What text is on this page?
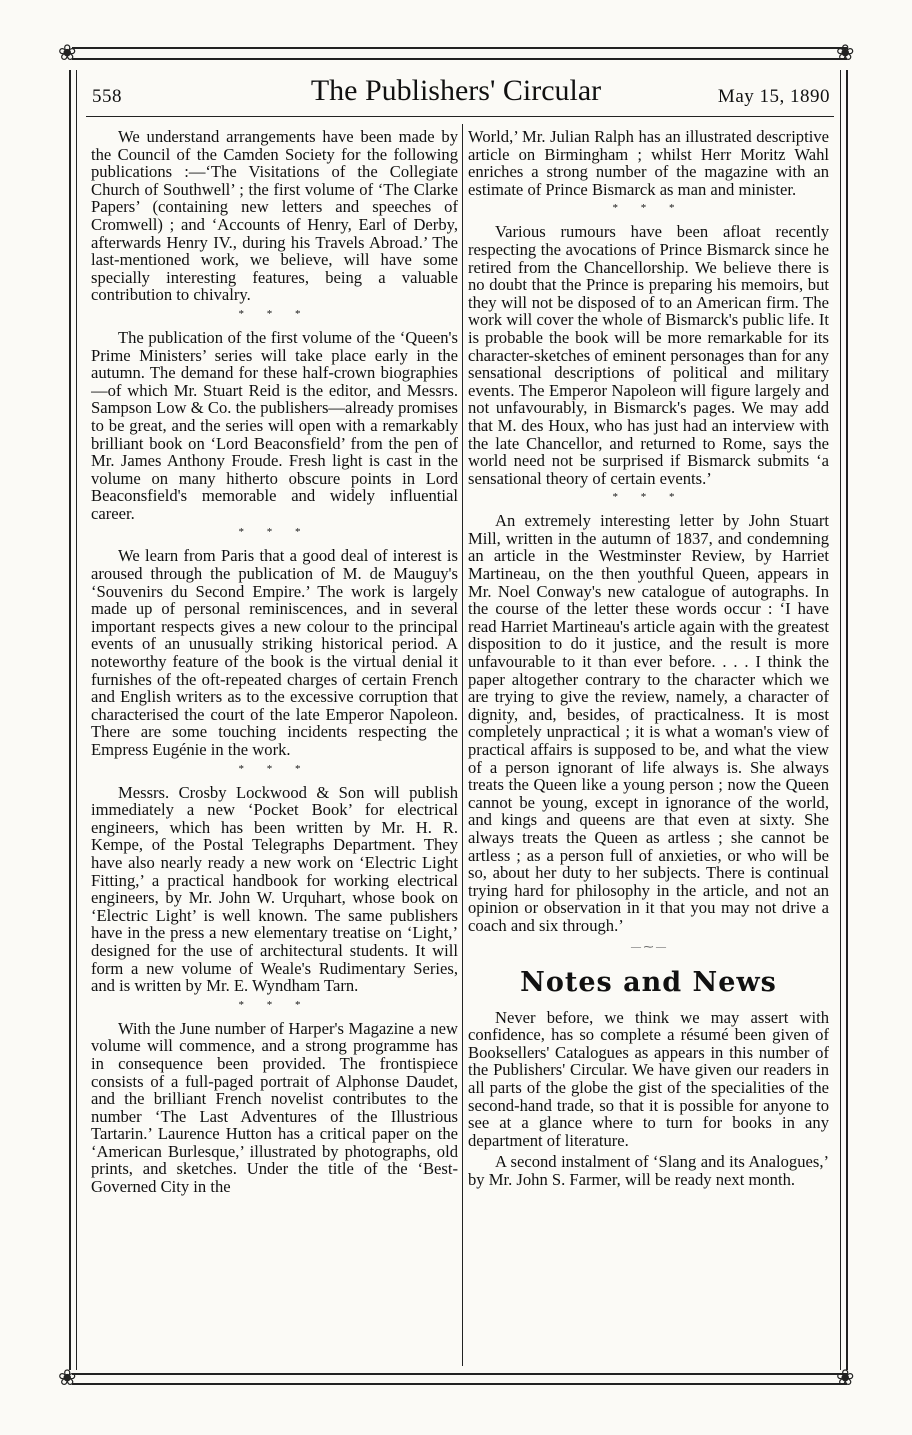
❀	❀
❀	❀
558	The Publishers' Circular	May 15, 1890

We understand arrangements have been made by the Council of the Camden Society for the following publications :—‘The Visitations of the Collegiate Church of Southwell’ ; the first volume of ‘The Clarke Papers’ (containing new letters and speeches of Cromwell) ; and ‘Accounts of Henry, Earl of Derby, afterwards Henry IV., during his Travels Abroad.’ The last-mentioned work, we believe, will have some specially interesting features, being a valuable contribution to chivalry.

* * *

The publication of the first volume of the ‘Queen's Prime Ministers’ series will take place early in the autumn. The demand for these half-crown biographies—of which Mr. Stuart Reid is the editor, and Messrs. Sampson Low & Co. the publishers—already promises to be great, and the series will open with a remarkably brilliant book on ‘Lord Beaconsfield’ from the pen of Mr. James Anthony Froude. Fresh light is cast in the volume on many hitherto obscure points in Lord Beaconsfield's memorable and widely influential career.

* * *

We learn from Paris that a good deal of interest is aroused through the publication of M. de Mauguy's ‘Souvenirs du Second Empire.’ The work is largely made up of personal reminiscences, and in several important respects gives a new colour to the principal events of an unusually striking historical period. A noteworthy feature of the book is the virtual denial it furnishes of the oft-repeated charges of certain French and English writers as to the excessive corruption that characterised the court of the late Emperor Napoleon. There are some touching incidents respecting the Empress Eugénie in the work.

* * *

Messrs. Crosby Lockwood & Son will publish immediately a new ‘Pocket Book’ for electrical engineers, which has been written by Mr. H. R. Kempe, of the Postal Telegraphs Department. They have also nearly ready a new work on ‘Electric Light Fitting,’ a practical handbook for working electrical engineers, by Mr. John W. Urquhart, whose book on ‘Electric Light’ is well known. The same publishers have in the press a new elementary treatise on ‘Light,’ designed for the use of architectural students. It will form a new volume of Weale's Rudimentary Series, and is written by Mr. E. Wyndham Tarn.

* * *

With the June number of Harper's Magazine a new volume will commence, and a strong programme has in consequence been provided. The frontispiece consists of a full-paged portrait of Alphonse Daudet, and the brilliant French novelist contributes to the number ‘The Last Adventures of the Illustrious Tartarin.’ Laurence Hutton has a critical paper on the ‘American Burlesque,’ illustrated by photographs, old prints, and sketches. Under the title of the ‘Best-Governed City in the

World,’ Mr. Julian Ralph has an illustrated descriptive article on Birmingham ; whilst Herr Moritz Wahl enriches a strong number of the magazine with an estimate of Prince Bismarck as man and minister.

* * *

Various rumours have been afloat recently respecting the avocations of Prince Bismarck since he retired from the Chancellorship. We believe there is no doubt that the Prince is preparing his memoirs, but they will not be disposed of to an American firm. The work will cover the whole of Bismarck's public life. It is probable the book will be more remarkable for its character-sketches of eminent personages than for any sensational descriptions of political and military events. The Emperor Napoleon will figure largely and not unfavourably, in Bismarck's pages. We may add that M. des Houx, who has just had an interview with the late Chancellor, and returned to Rome, says the world need not be surprised if Bismarck submits ‘a sensational theory of certain events.’

* * *

An extremely interesting letter by John Stuart Mill, written in the autumn of 1837, and condemning an article in the Westminster Review, by Harriet Martineau, on the then youthful Queen, appears in Mr. Noel Conway's new catalogue of autographs. In the course of the letter these words occur : ‘I have read Harriet Martineau's article again with the greatest disposition to do it justice, and the result is more unfavourable to it than ever before. . . . I think the paper altogether contrary to the character which we are trying to give the review, namely, a character of dignity, and, besides, of practicalness. It is most completely unpractical ; it is what a woman's view of practical affairs is supposed to be, and what the view of a person ignorant of life always is. She always treats the Queen like a young person ; now the Queen cannot be young, except in ignorance of the world, and kings and queens are that even at sixty. She always treats the Queen as artless ; she cannot be artless ; as a person full of anxieties, or who will be so, about her duty to her subjects. There is continual trying hard for philosophy in the article, and not an opinion or observation in it that you may not drive a coach and six through.’

— ⁓ —
Notes and News

Never before, we think we may assert with confidence, has so complete a résumé been given of Booksellers' Catalogues as appears in this number of the Publishers' Circular. We have given our readers in all parts of the globe the gist of the specialities of the second-hand trade, so that it is possible for anyone to see at a glance where to turn for books in any department of literature.

A second instalment of ‘Slang and its Analogues,’ by Mr. John S. Farmer, will be ready next month.
